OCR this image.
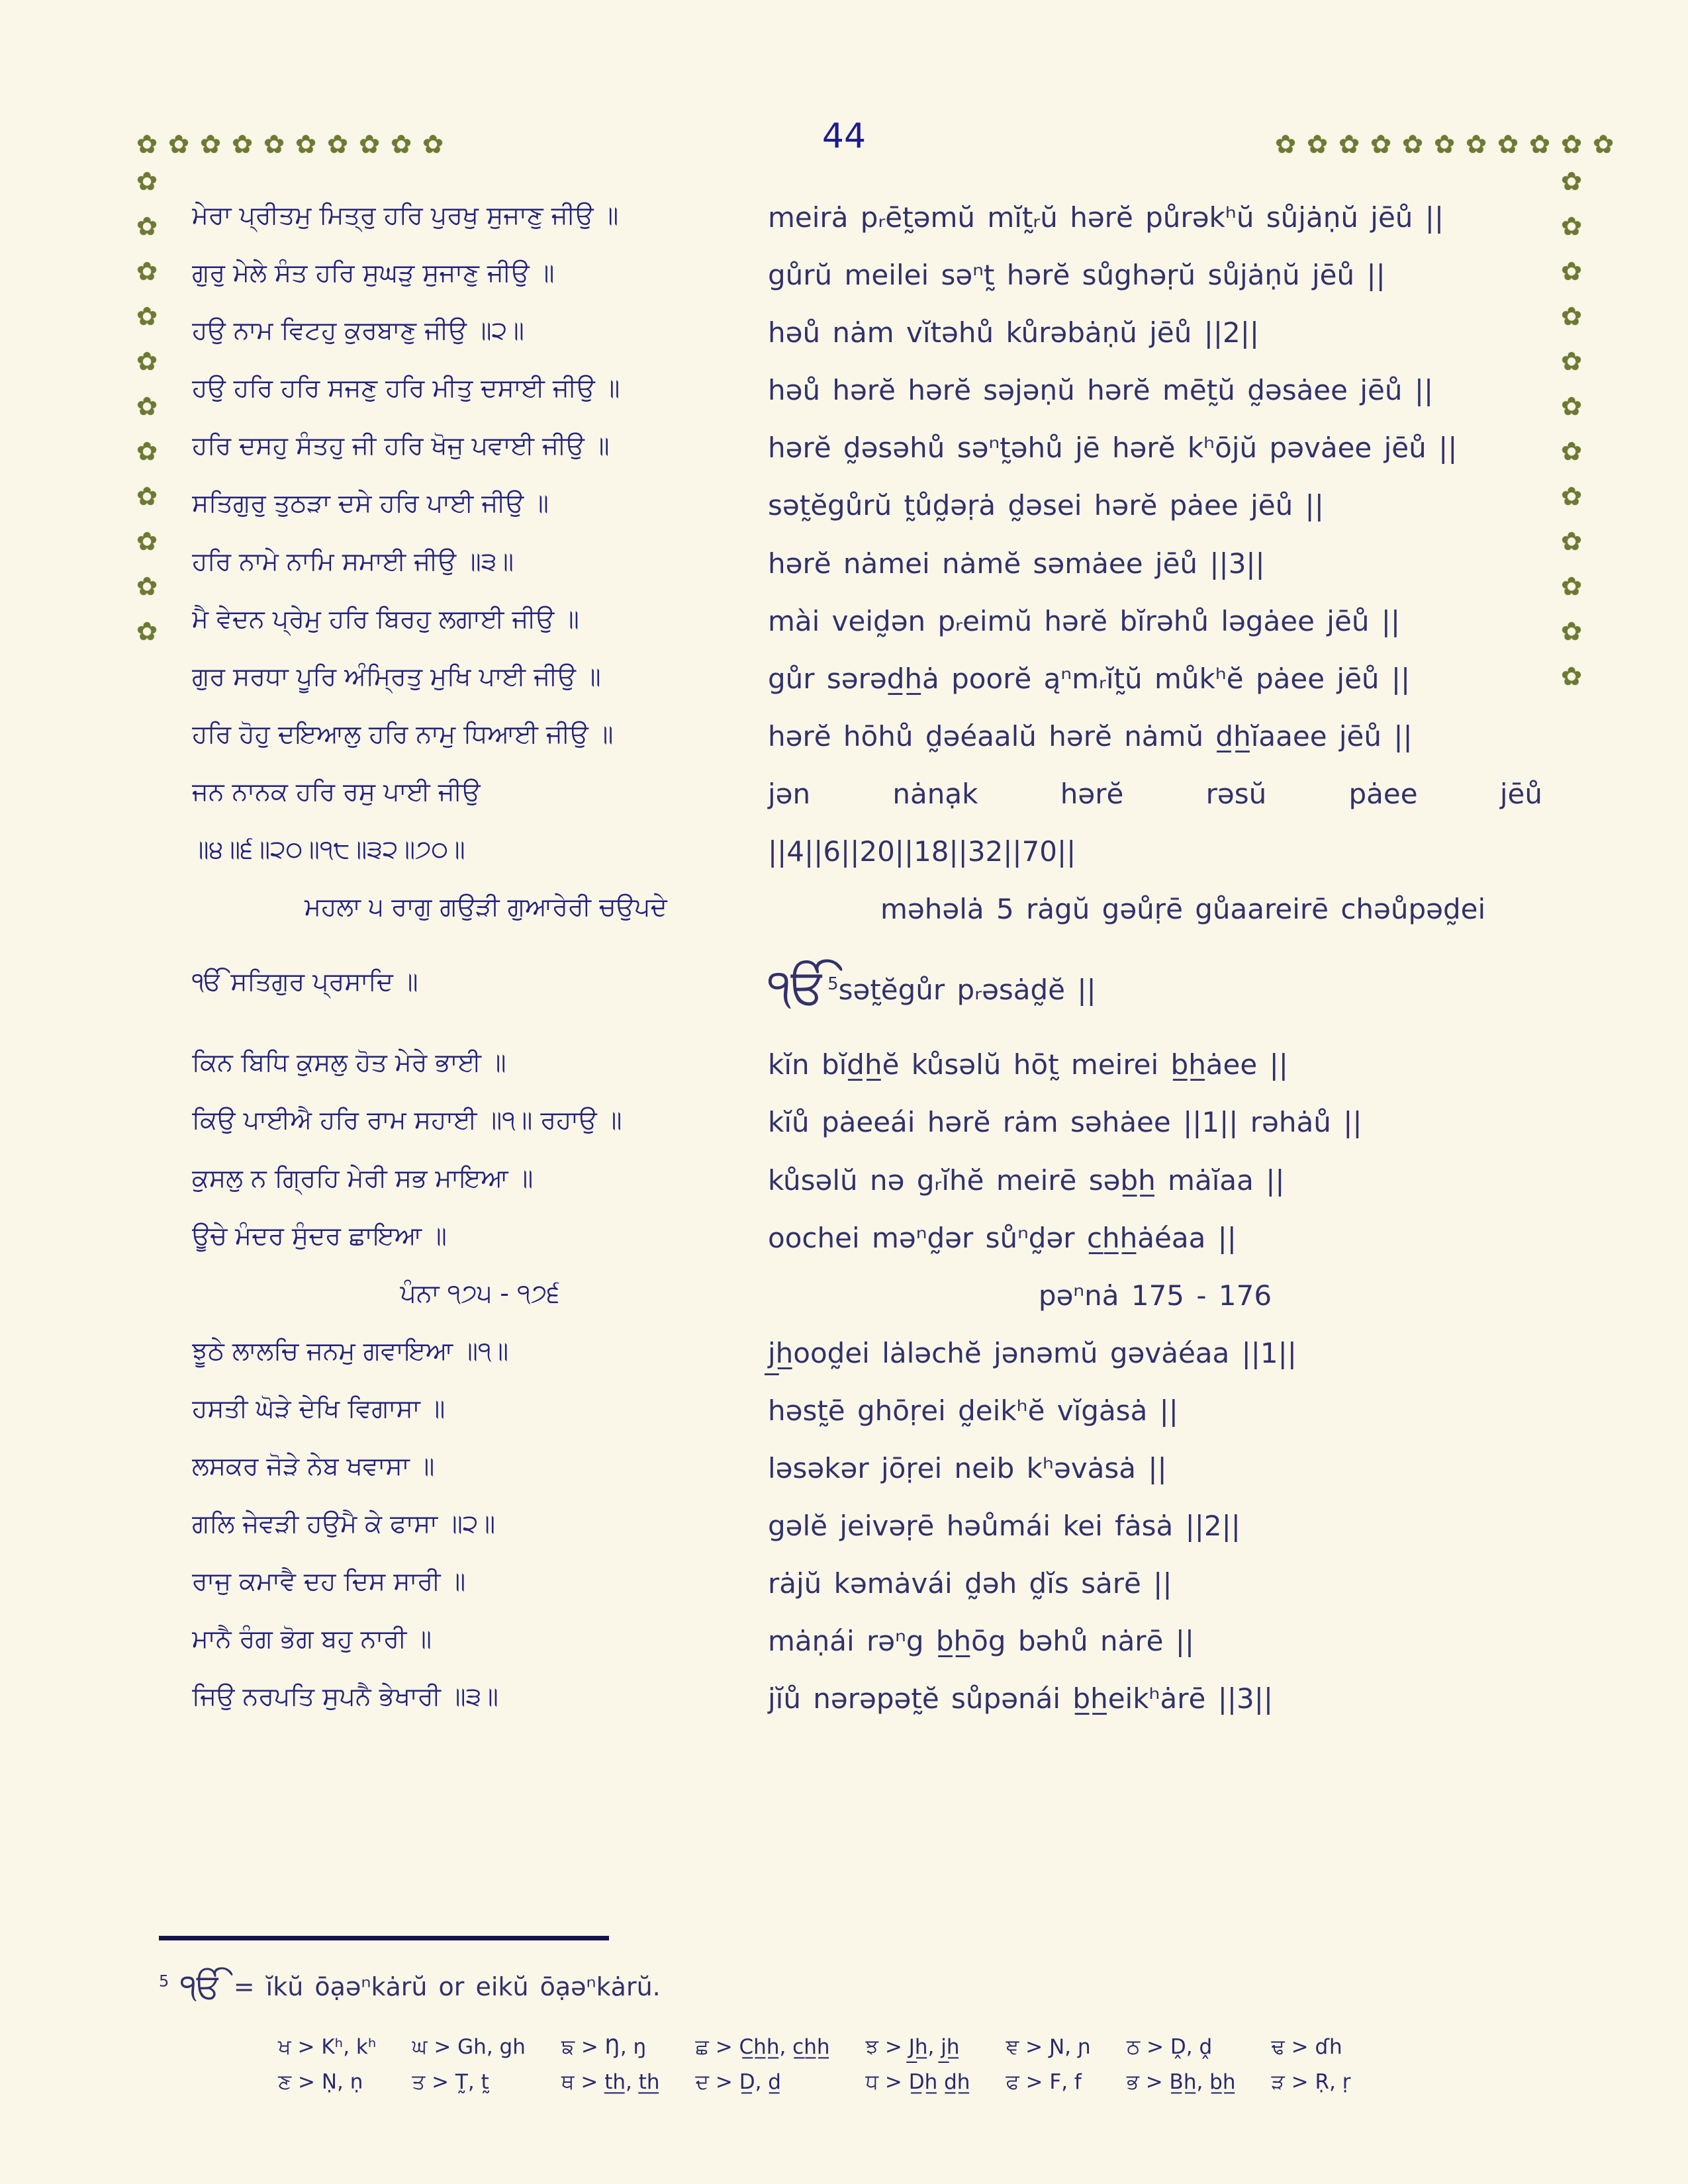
44
✿
✿
✿
✿
✿
✿
✿
✿
✿
✿
✿
✿
✿
✿
✿
✿
✿
✿
✿
✿
✿
✿
✿
✿
✿
✿
✿
✿
✿
✿
✿
✿
✿
✿
✿
✿
✿
✿
✿
✿
✿
✿
✿
✿
ਮੇਰਾ ਪ੍ਰੀਤਮੁ ਮਿਤ੍ਰੁ ਹਰਿ ਪੁਰਖੁ ਸੁਜਾਣੁ ਜੀਉ ॥	meirȧ pᵣēt̰əmŭ mĭt̰ᵣŭ hərĕ půrəkʰŭ sůjȧṇŭ jēů ||
ਗੁਰੁ ਮੇਲੇ ਸੰਤ ਹਰਿ ਸੁਘੜੁ ਸੁਜਾਣੁ ਜੀਉ ॥	gůrŭ meilei səⁿt̰ hərĕ sůghəṛŭ sůjȧṇŭ jēů ||
ਹਉ ਨਾਮ ਵਿਟਹੁ ਕੁਰਬਾਣੁ ਜੀਉ ॥੨॥	həů nȧm vĭtəhů kůrəbȧṇŭ jēů ||2||
ਹਉ ਹਰਿ ਹਰਿ ਸਜਣੁ ਹਰਿ ਮੀਤੁ ਦਸਾਈ ਜੀਉ ॥	həů hərĕ hərĕ səjəṇŭ hərĕ mēt̰ŭ d̰əsȧee jēů ||
ਹਰਿ ਦਸਹੁ ਸੰਤਹੁ ਜੀ ਹਰਿ ਖੋਜੁ ਪਵਾਈ ਜੀਉ ॥	hərĕ d̰əsəhů səⁿt̰əhů jē hərĕ kʰōjŭ pəvȧee jēů ||
ਸਤਿਗੁਰੁ ਤੁਠੜਾ ਦਸੇ ਹਰਿ ਪਾਈ ਜੀਉ ॥	sət̰ĕgůrŭ t̰ůd̰əṛȧ d̰əsei hərĕ pȧee jēů ||
ਹਰਿ ਨਾਮੇ ਨਾਮਿ ਸਮਾਈ ਜੀਉ ॥੩॥	hərĕ nȧmei nȧmĕ səmȧee jēů ||3||
ਮੈ ਵੇਦਨ ਪ੍ਰੇਮੁ ਹਰਿ ਬਿਰਹੁ ਲਗਾਈ ਜੀਉ ॥	mài veid̰ən pᵣeimŭ hərĕ bĭrəhů ləgȧee jēů ||
ਗੁਰ ਸਰਧਾ ਪੂਰਿ ਅੰਮ੍ਰਿਤੁ ਮੁਖਿ ਪਾਈ ਜੀਉ ॥	gůr sərəd̲h̲ȧ poorĕ ąⁿmᵣĭt̰ŭ můkʰĕ pȧee jēů ||
ਹਰਿ ਹੋਹੁ ਦਇਆਲੁ ਹਰਿ ਨਾਮੁ ਧਿਆਈ ਜੀਉ ॥	hərĕ hōhů d̰əéaalŭ hərĕ nȧmŭ d̲h̲ĭaaee jēů ||
ਜਨ ਨਾਨਕ ਹਰਿ ਰਸੁ ਪਾਈ ਜੀਉ	jən nȧnạk hərĕ rəsŭ pȧee jēů
॥੪॥੬॥੨੦॥੧੮॥੩੨॥੭੦॥	||4||6||20||18||32||70||
ਮਹਲਾ ੫ ਰਾਗੁ ਗਉੜੀ ਗੁਆਰੇਰੀ ਚਉਪਦੇ	məhəlȧ 5 rȧgŭ gəůṛē gůaareirē chəůpəd̰ei
ੴ ਸਤਿਗੁਰ ਪ੍ਰਸਾਦਿ ॥	ੴ$^5$sət̰ĕgůr pᵣəsȧd̰ĕ ||
ਕਿਨ ਬਿਧਿ ਕੁਸਲੁ ਹੋਤ ਮੇਰੇ ਭਾਈ ॥	kĭn bĭd̲h̲ĕ kůsəlŭ hōt̰ meirei b̲h̲ȧee ||
ਕਿਉ ਪਾਈਐ ਹਰਿ ਰਾਮ ਸਹਾਈ ॥੧॥ ਰਹਾਉ ॥	kĭů pȧeeái hərĕ rȧm səhȧee ||1|| rəhȧů ||
ਕੁਸਲੁ ਨ ਗ੍ਰਿਹਿ ਮੇਰੀ ਸਭ ਮਾਇਆ ॥	kůsəlŭ nə gᵣĭhĕ meirē səb̲h̲ mȧĭaa ||
ਊਚੇ ਮੰਦਰ ਸੁੰਦਰ ਛਾਇਆ ॥	oochei məⁿd̰ər sůⁿd̰ər c̲h̲h̲ȧéaa ||
ਪੰਨਾ ੧੭੫ - ੧੭੬	pəⁿnȧ 175 - 176
ਝੂਠੇ ਲਾਲਚਿ ਜਨਮੁ ਗਵਾਇਆ ॥੧॥	j̲h̲ood̰ei lȧləchĕ jənəmŭ gəvȧéaa ||1||
ਹਸਤੀ ਘੋੜੇ ਦੇਖਿ ਵਿਗਾਸਾ ॥	həst̰ē ghōṛei d̰eikʰĕ vĭgȧsȧ ||
ਲਸਕਰ ਜੋੜੇ ਨੇਬ ਖਵਾਸਾ ॥	ləsəkər jōṛei neib kʰəvȧsȧ ||
ਗਲਿ ਜੇਵੜੀ ਹਉਮੈ ਕੇ ਫਾਸਾ ॥੨॥	gəlĕ jeivəṛē həůmái kei fȧsȧ ||2||
ਰਾਜੁ ਕਮਾਵੈ ਦਹ ਦਿਸ ਸਾਰੀ ॥	rȧjŭ kəmȧvái d̰əh d̰ĭs sȧrē ||
ਮਾਨੈ ਰੰਗ ਭੋਗ ਬਹੁ ਨਾਰੀ ॥	mȧṇái rəⁿg b̲h̲ōg bəhů nȧrē ||
ਜਿਉ ਨਰਪਤਿ ਸੁਪਨੈ ਭੇਖਾਰੀ ॥੩॥	jĭů nərəpət̰ĕ sůpənái b̲h̲eikʰȧrē ||3||
$^5$ ੴ = ĭkŭ ōạəⁿkȧrŭ or eikŭ ōạəⁿkȧrŭ.
ਖ > Kʰ, kʰ ਘ > Gh, gh ਙ > Ŋ, ŋ	ਛ > C̲h̲h̲, c̲h̲h̲ ਝ > J̲h̲, j̲h̲	ਞ > Ɲ, ɲ ਠ > Ḓ, ḓ	ਢ > ɗh
ਣ > Ṇ, ṇ	ਤ > T̰, t̰	ਥ > t̲h̲, t̲h̲ ਦ > D̲, d̲	ਧ > D̲h̲ d̲h̲ ਫ > F, f	ਭ > B̲h̲, b̲h̲ ੜ > Ṛ, ṛ
